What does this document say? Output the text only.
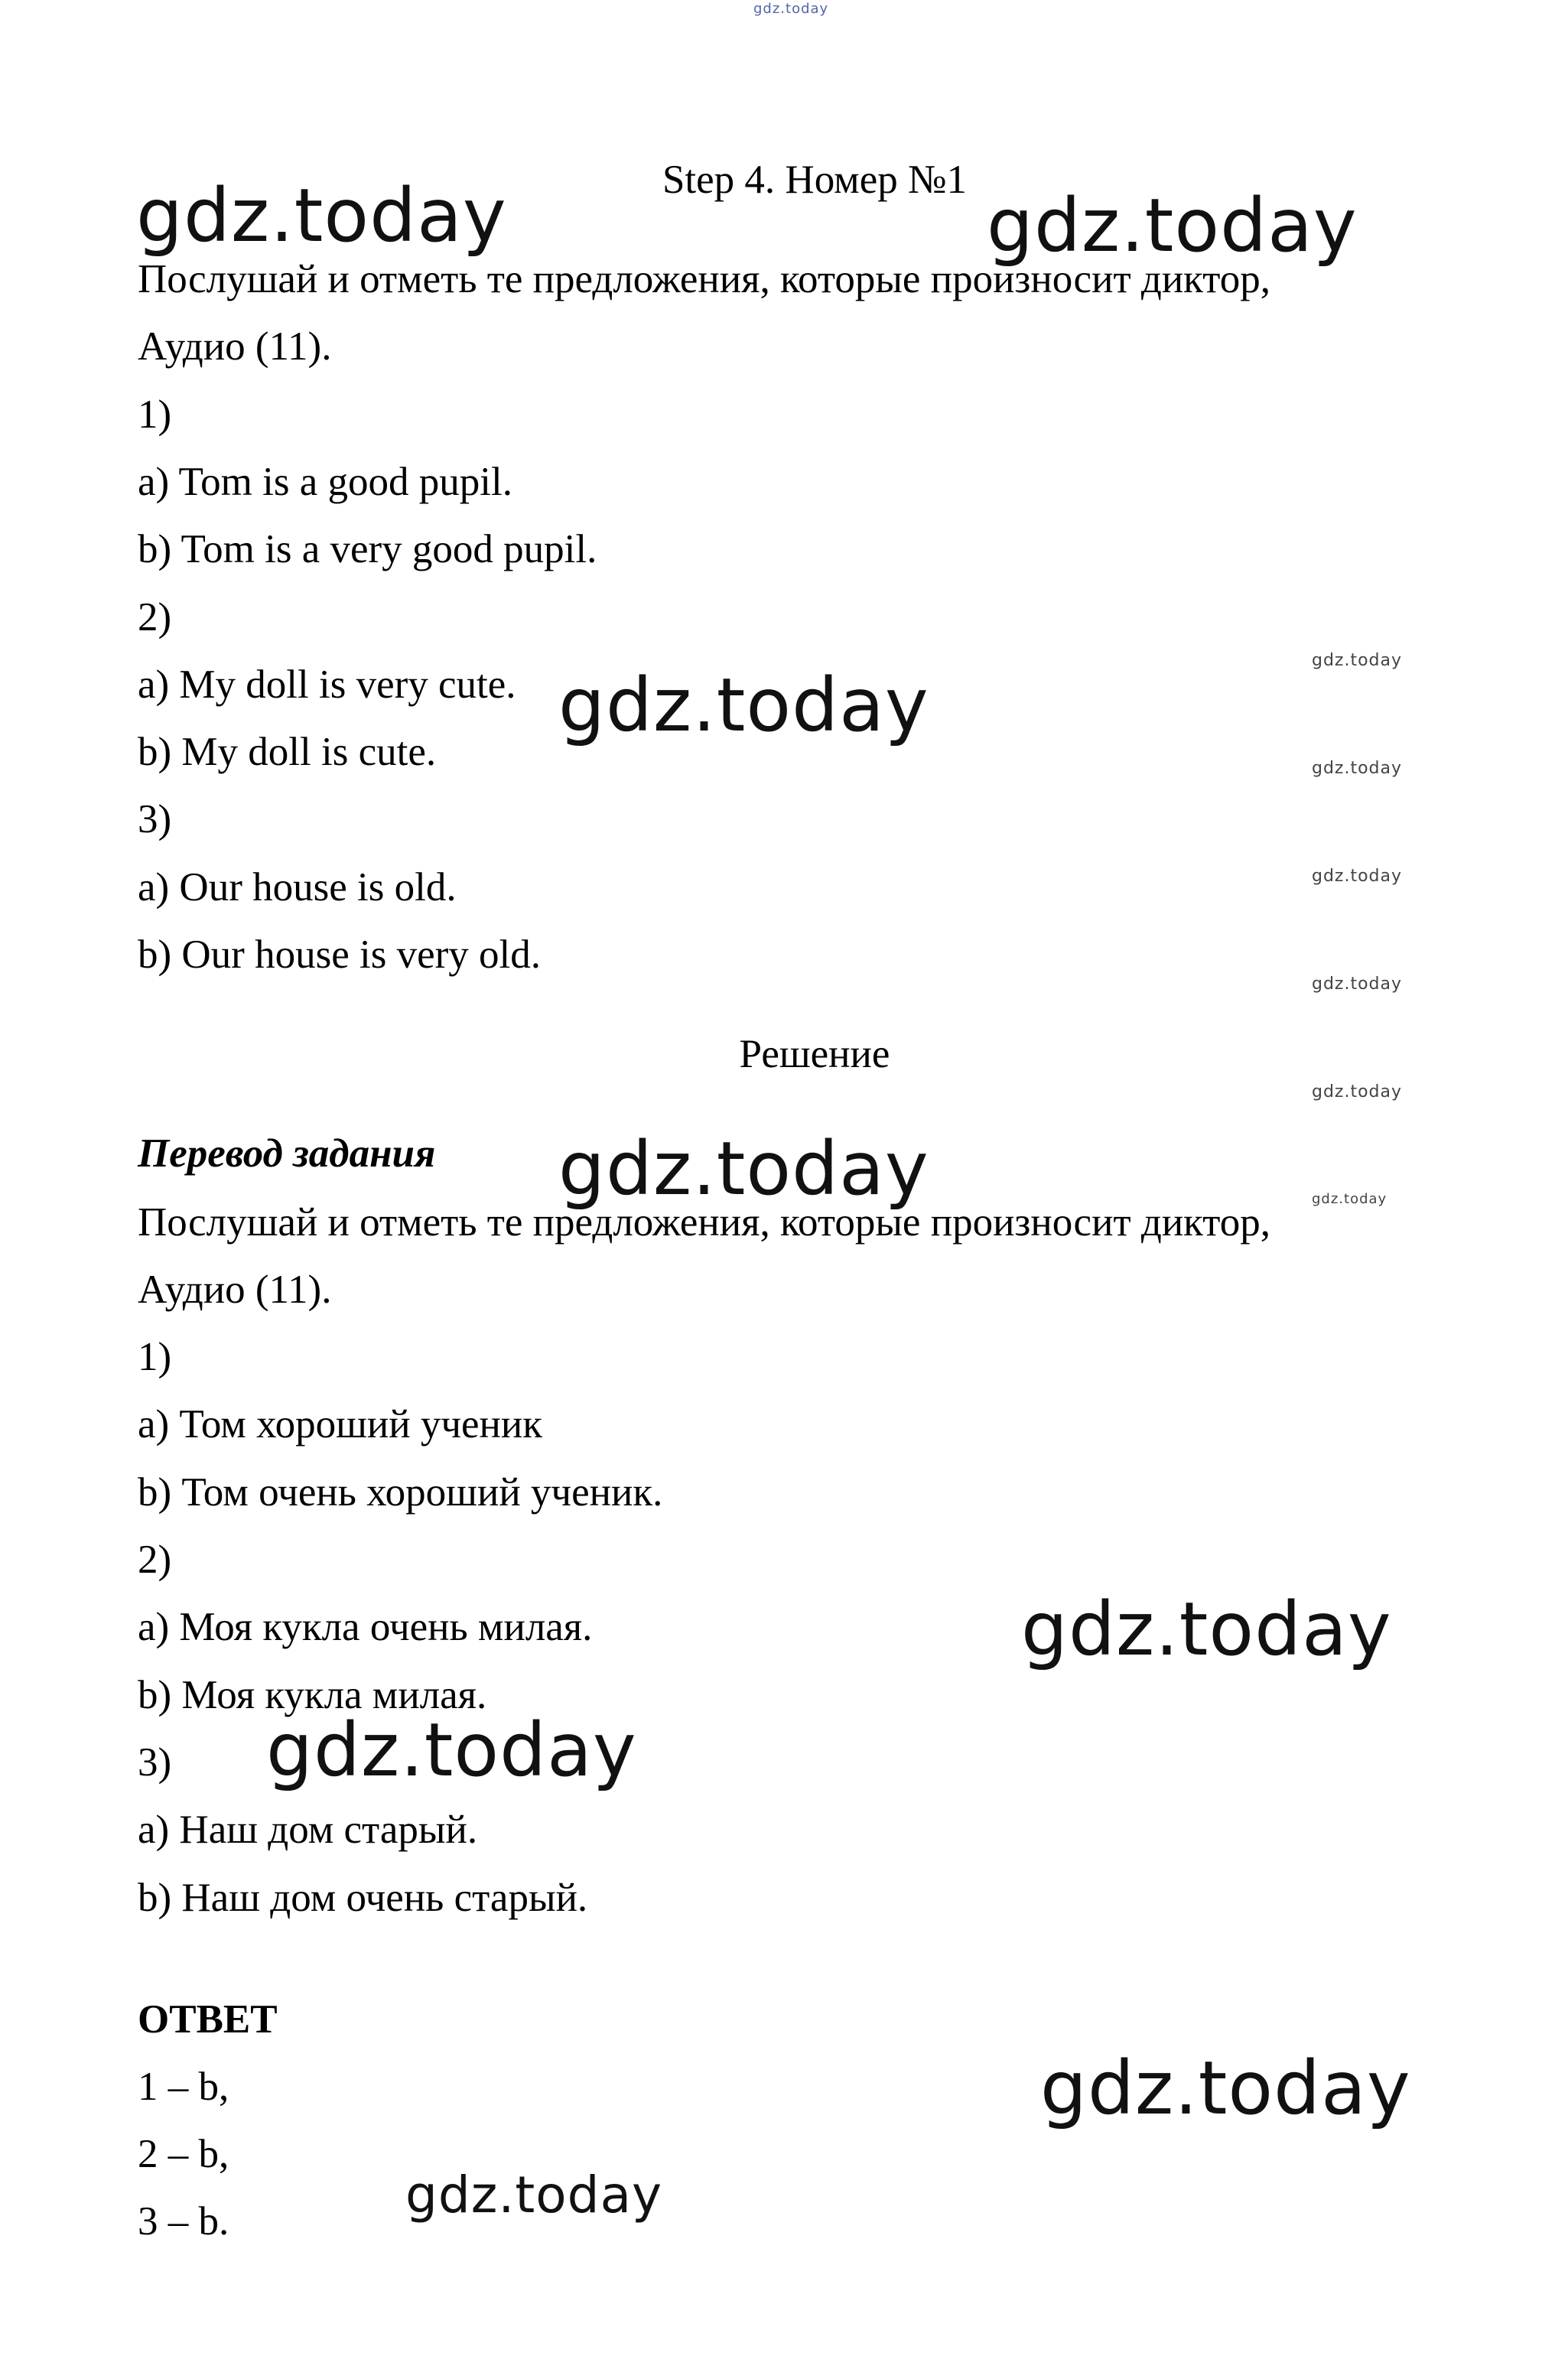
gdz.today
Step 4. Номер №1
Послушай и отметь те предложения, которые произносит диктор,
Аудио (11).
1)
a) Tom is a good pupil.
b) Tom is a very good pupil.
2)
a) My doll is very cute.
b) My doll is cute.
3)
a) Our house is old.
b) Our house is very old.
Решение
Перевод задания
Послушай и отметь те предложения, которые произносит диктор,
Аудио (11).
1)
a) Том хороший ученик
b) Том очень хороший ученик.
2)
a) Моя кукла очень милая.
b) Моя кукла милая.
3)
a) Наш дом старый.
b) Наш дом очень старый.
ОТВЕТ
1 – b,
2 – b,
3 – b.
gdz.today	gdz.today
gdz.today
gdz.today
gdz.today
gdz.today
gdz.today
gdz.today
gdz.today
gdz.today
gdz.today
gdz.today
gdz.today
gdz.today
